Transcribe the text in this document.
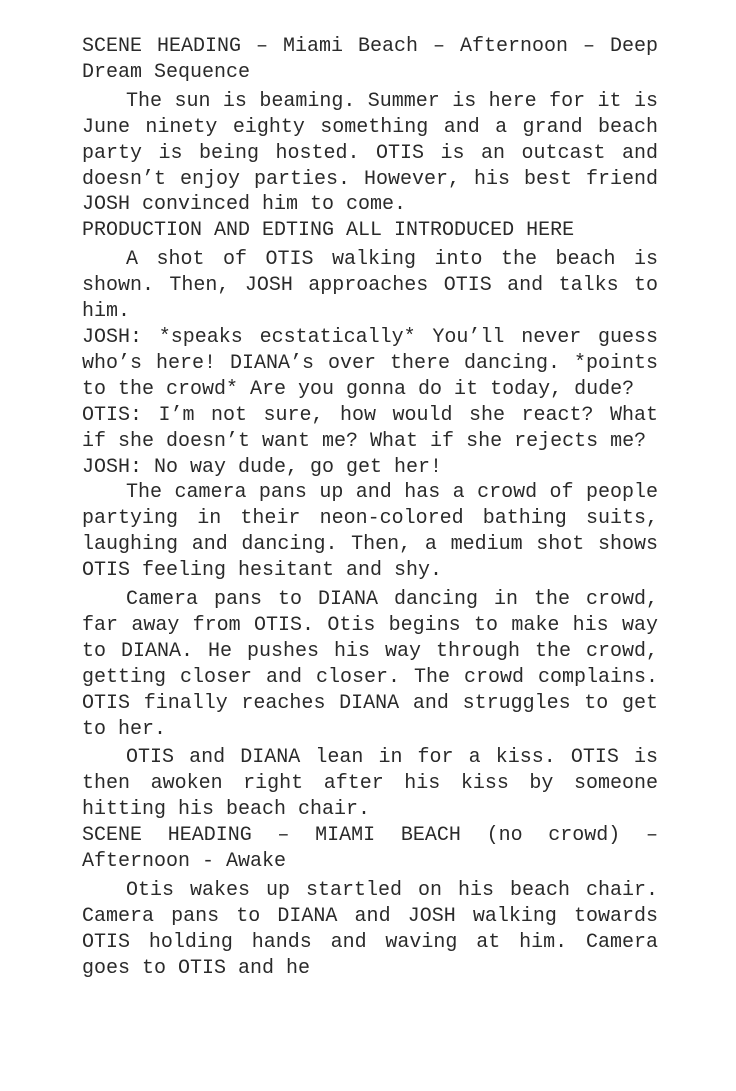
SCENE HEADING – Miami Beach – Afternoon – Deep Dream Sequence

The sun is beaming. Summer is here for it is June ninety eighty something and a grand beach party is being hosted. OTIS is an outcast and doesn’t enjoy parties. However, his best friend JOSH convinced him to come.

PRODUCTION AND EDTING ALL INTRODUCED HERE

A shot of OTIS walking into the beach is shown. Then, JOSH approaches OTIS and talks to him.

JOSH: *speaks ecstatically* You’ll never guess who’s here! DIANA’s over there dancing. *points to the crowd* Are you gonna do it today, dude?

OTIS: I’m not sure, how would she react? What if she doesn’t want me? What if she rejects me?

JOSH: No way dude, go get her!

The camera pans up and has a crowd of people partying in their neon-colored bathing suits, laughing and dancing. Then, a medium shot shows OTIS feeling hesitant and shy.

Camera pans to DIANA dancing in the crowd, far away from OTIS. Otis begins to make his way to DIANA. He pushes his way through the crowd, getting closer and closer. The crowd complains. OTIS finally reaches DIANA and struggles to get to her.

OTIS and DIANA lean in for a kiss. OTIS is then awoken right after his kiss by someone hitting his beach chair.

SCENE HEADING – MIAMI BEACH (no crowd) – Afternoon - Awake

Otis wakes up startled on his beach chair. Camera pans to DIANA and JOSH walking towards OTIS holding hands and waving at him. Camera goes to OTIS and he
